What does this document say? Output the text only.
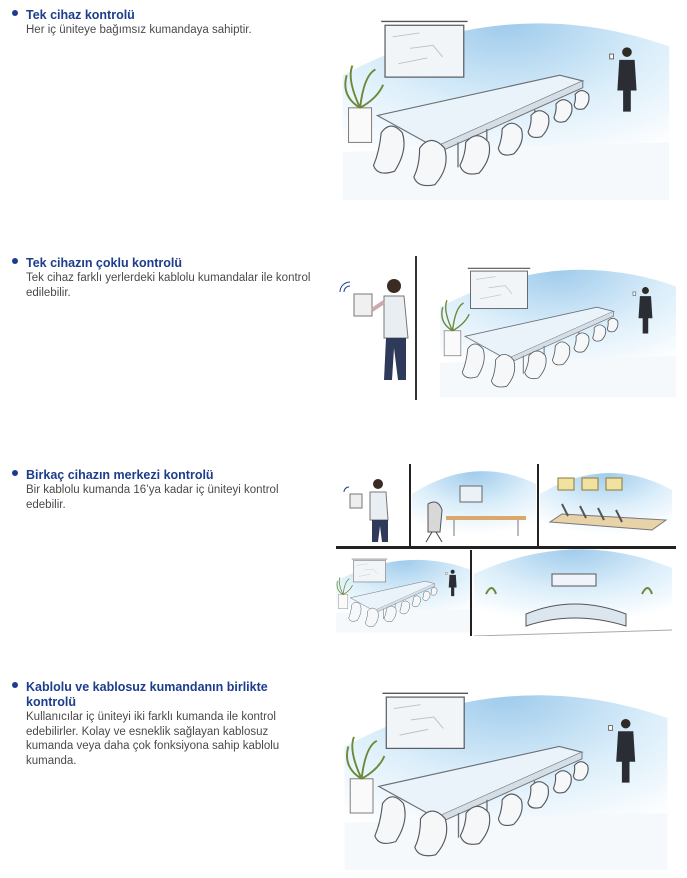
Tek cihaz kontrolü

Her iç üniteye bağımsız kumandaya sahiptir.

Tek cihazın çoklu kontrolü

Tek cihaz farklı yerlerdeki kablolu kumandalar ile kontrol edilebilir.

Birkaç cihazın merkezi kontrolü

Bir kablolu kumanda 16’ya kadar iç üniteyi kontrol edebilir.

Kablolu ve kablosuz kumandanın birlikte kontrolü

Kullanıcılar iç üniteyi iki farklı kumanda ile kontrol edebilirler. Kolay ve esneklik sağlayan kablosuz kumanda veya daha çok fonksiyona sahip kablolu kumanda.
